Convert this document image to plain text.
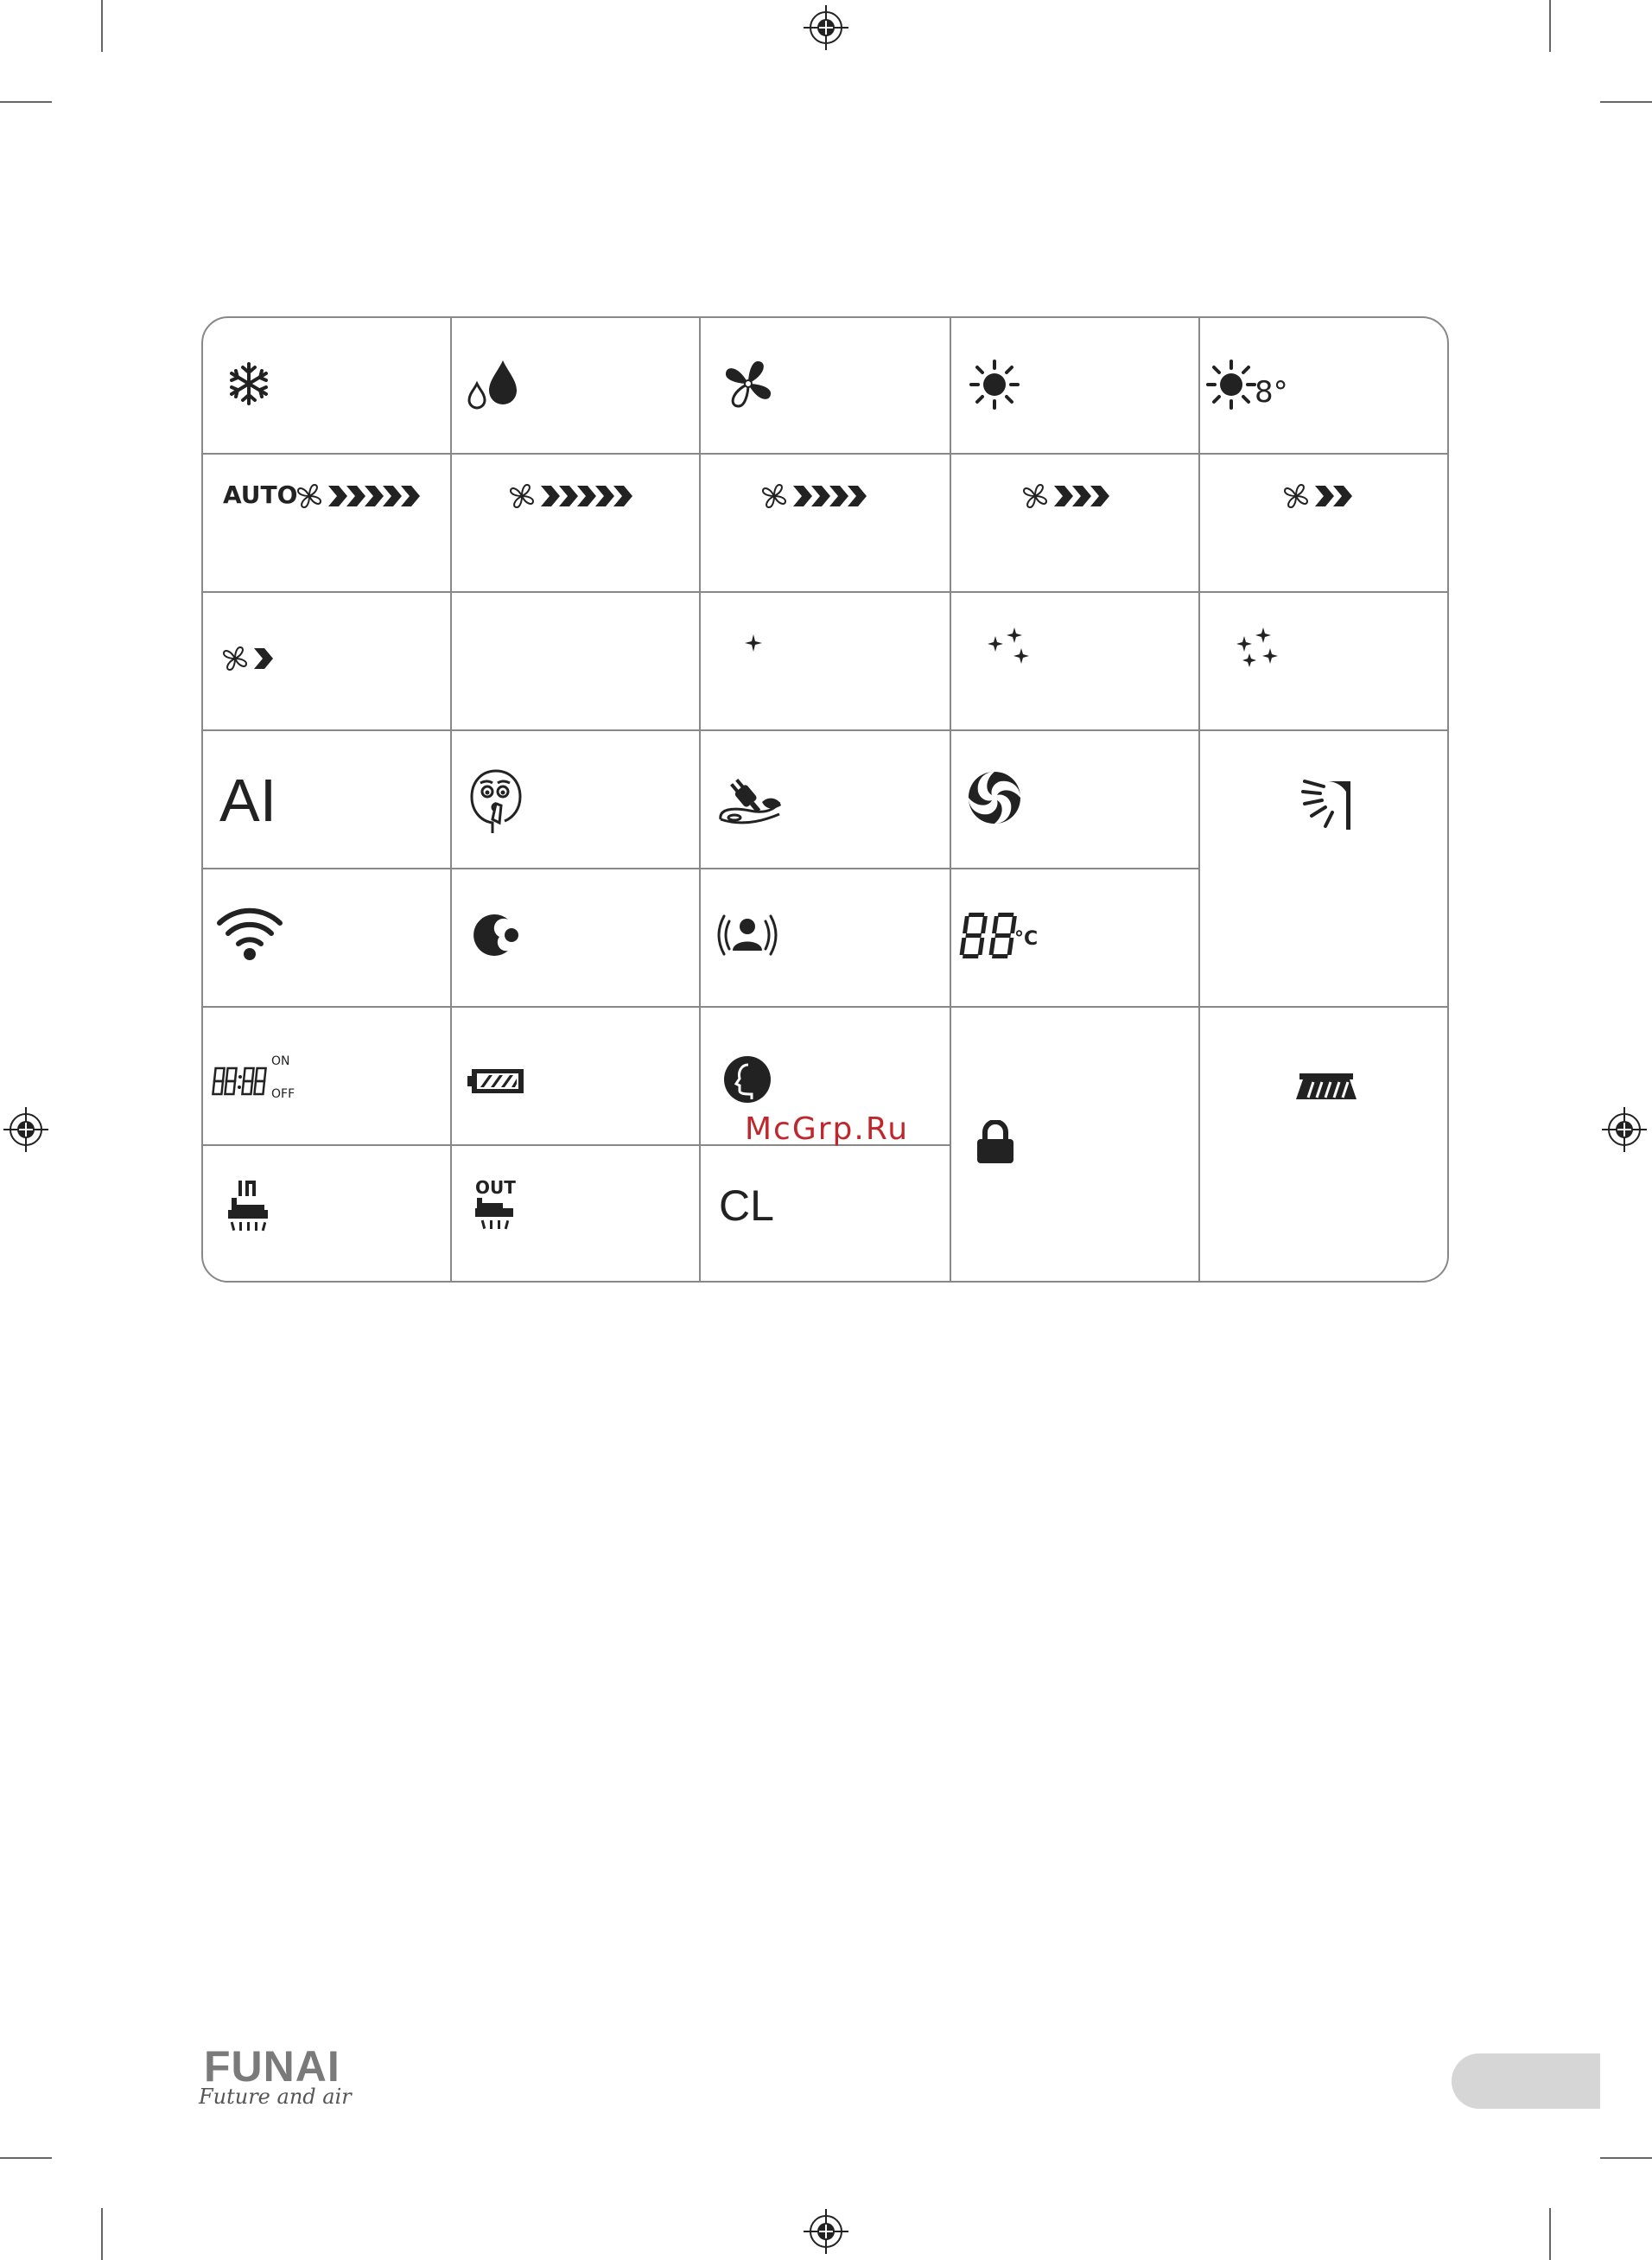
8°
AUTO
AI
°C
ON
OFF
McGrp.Ru
OUT	CL
FUNAI
Future and air
